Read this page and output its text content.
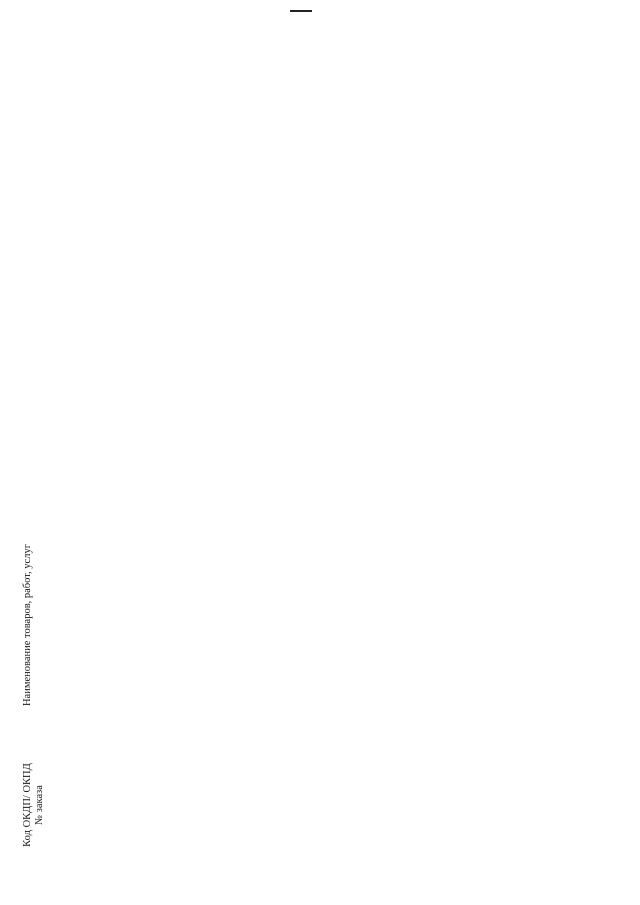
Код ОКДП/ ОКПД № заказа
Наименование товаров, работ, услуг
